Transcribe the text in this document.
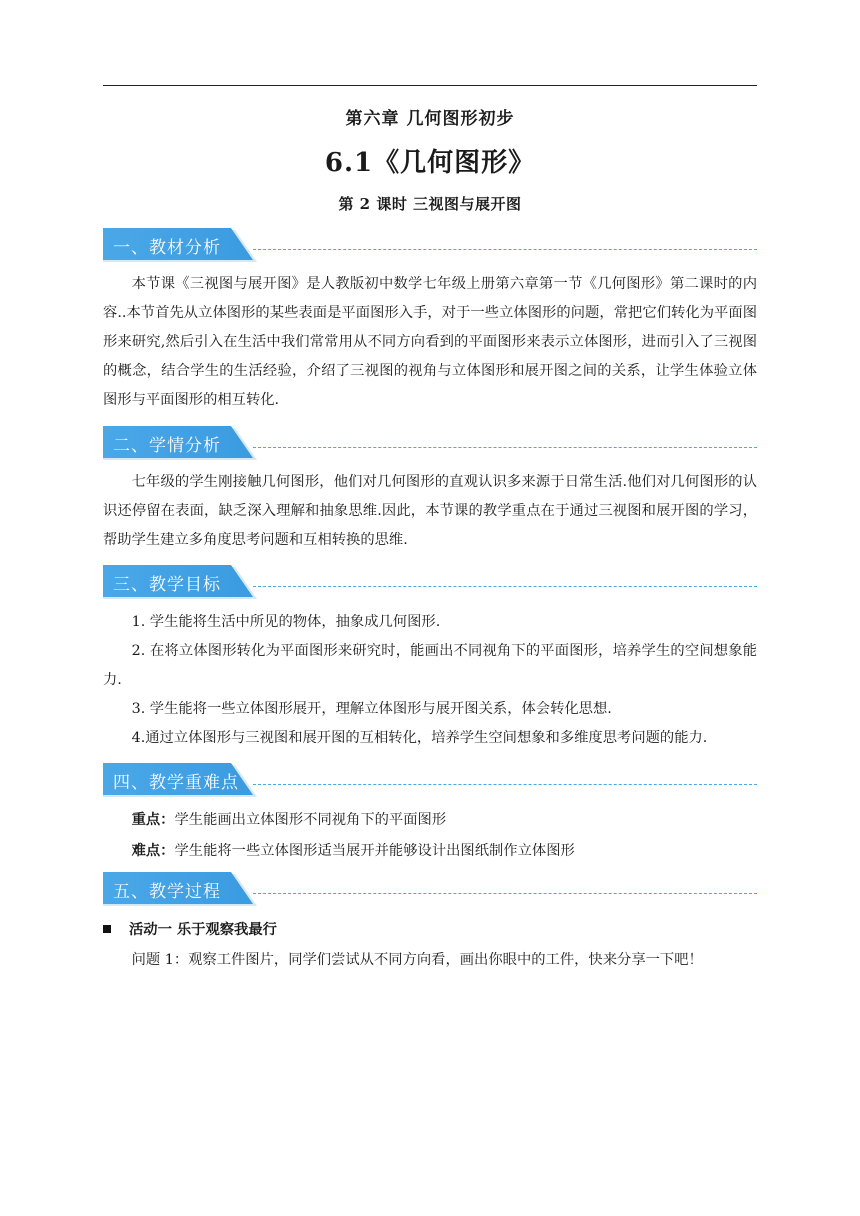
第六章 几何图形初步
6.1《几何图形》
第 2 课时 三视图与展开图
一、教材分析

本节课《三视图与展开图》是人教版初中数学七年级上册第六章第一节《几何图形》第二课时的内容..本节首先从立体图形的某些表面是平面图形入手，对于一些立体图形的问题，常把它们转化为平面图形来研究,然后引入在生活中我们常常用从不同方向看到的平面图形来表示立体图形，进而引入了三视图的概念，结合学生的生活经验，介绍了三视图的视角与立体图形和展开图之间的关系，让学生体验立体图形与平面图形的相互转化.

二、学情分析

七年级的学生刚接触几何图形，他们对几何图形的直观认识多来源于日常生活.他们对几何图形的认识还停留在表面，缺乏深入理解和抽象思维.因此，本节课的教学重点在于通过三视图和展开图的学习，帮助学生建立多角度思考问题和互相转换的思维.

三、教学目标

1. 学生能将生活中所见的物体，抽象成几何图形.

2. 在将立体图形转化为平面图形来研究时，能画出不同视角下的平面图形，培养学生的空间想象能力.

3. 学生能将一些立体图形展开，理解立体图形与展开图关系，体会转化思想.

4.通过立体图形与三视图和展开图的互相转化，培养学生空间想象和多维度思考问题的能力.

四、教学重难点

重点：学生能画出立体图形不同视角下的平面图形

难点：学生能将一些立体图形适当展开并能够设计出图纸制作立体图形

五、教学过程

活动一 乐于观察我最行

问题 1：观察工件图片，同学们尝试从不同方向看，画出你眼中的工件，快来分享一下吧！
